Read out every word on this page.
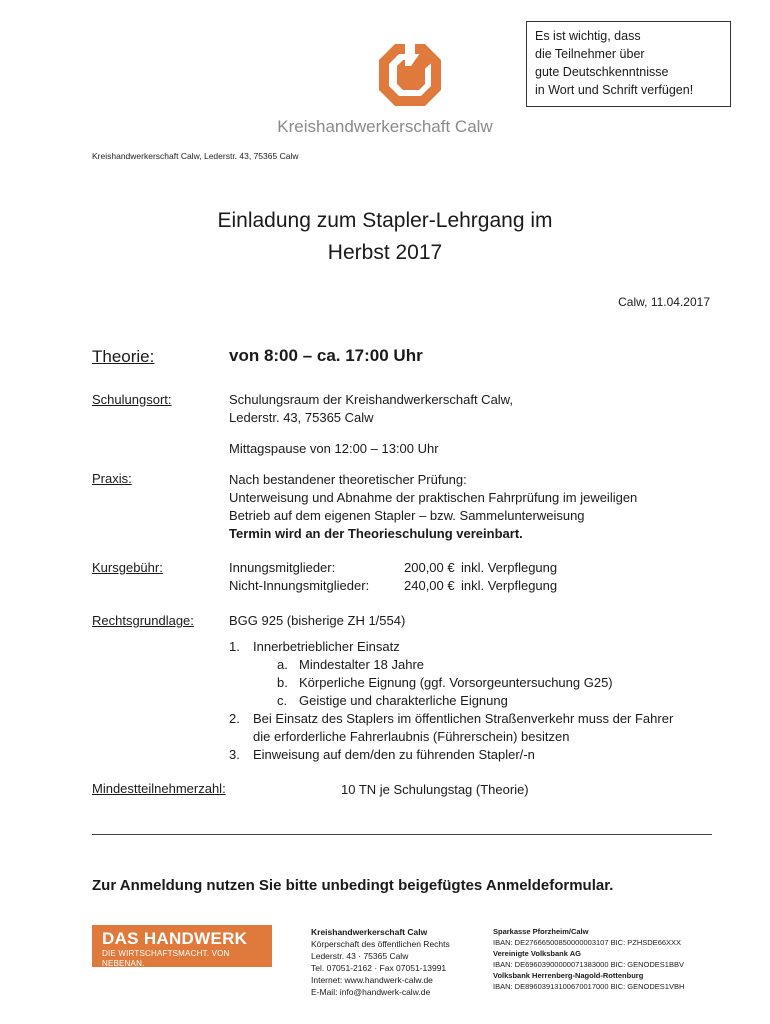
Es ist wichtig, dass
die Teilnehmer über
gute Deutschkenntnisse
in Wort und Schrift verfügen!
Kreishandwerkerschaft Calw
Kreishandwerkerschaft Calw, Lederstr. 43, 75365 Calw
Einladung zum Stapler-Lehrgang im
Herbst 2017
Calw, 11.04.2017
Theorie:	von 8:00 – ca. 17:00 Uhr
Schulungsort:	Schulungsraum der Kreishandwerkerschaft Calw,
Lederstr. 43, 75365 Calw
Mittagspause von 12:00 – 13:00 Uhr
Praxis:	Nach bestandener theoretischer Prüfung:
Unterweisung und Abnahme der praktischen Fahrprüfung im jeweiligen
Betrieb auf dem eigenen Stapler – bzw. Sammelunterweisung
Termin wird an der Theorieschulung vereinbart.
Kursgebühr:	Innungsmitglieder:	200,00 € inkl. Verpflegung
Nicht-Innungsmitglieder:	240,00 € inkl. Verpflegung
Rechtsgrundlage:	BGG 925 (bisherige ZH 1/554)
1.	Innerbetrieblicher Einsatz
a. Mindestalter 18 Jahre
b. Körperliche Eignung (ggf. Vorsorgeuntersuchung G25)
c. Geistige und charakterliche Eignung
2.	Bei Einsatz des Staplers im öffentlichen Straßenverkehr muss der Fahrer
die erforderliche Fahrerlaubnis (Führerschein) besitzen
3.	Einweisung auf dem/den zu führenden Stapler/-n
Mindestteilnehmerzahl:	10 TN je Schulungstag (Theorie)
Zur Anmeldung nutzen Sie bitte unbedingt beigefügtes Anmeldeformular.
DAS HANDWERK
DIE WIRTSCHAFTSMACHT. VON NEBENAN.
Kreishandwerkerschaft Calw
Körperschaft des öffentlichen Rechts
Lederstr. 43 · 75365 Calw
Tel. 07051-2162 · Fax 07051-13991
Internet: www.handwerk-calw.de
E-Mail: info@handwerk-calw.de
Sparkasse Pforzheim/Calw
IBAN: DE27666500850000003107 BIC: PZHSDE66XXX
Vereinigte Volksbank AG
IBAN: DE69603900000071383000 BIC: GENODES1BBV
Volksbank Herrenberg-Nagold-Rottenburg
IBAN: DE89603913100670017000 BIC: GENODES1VBH
